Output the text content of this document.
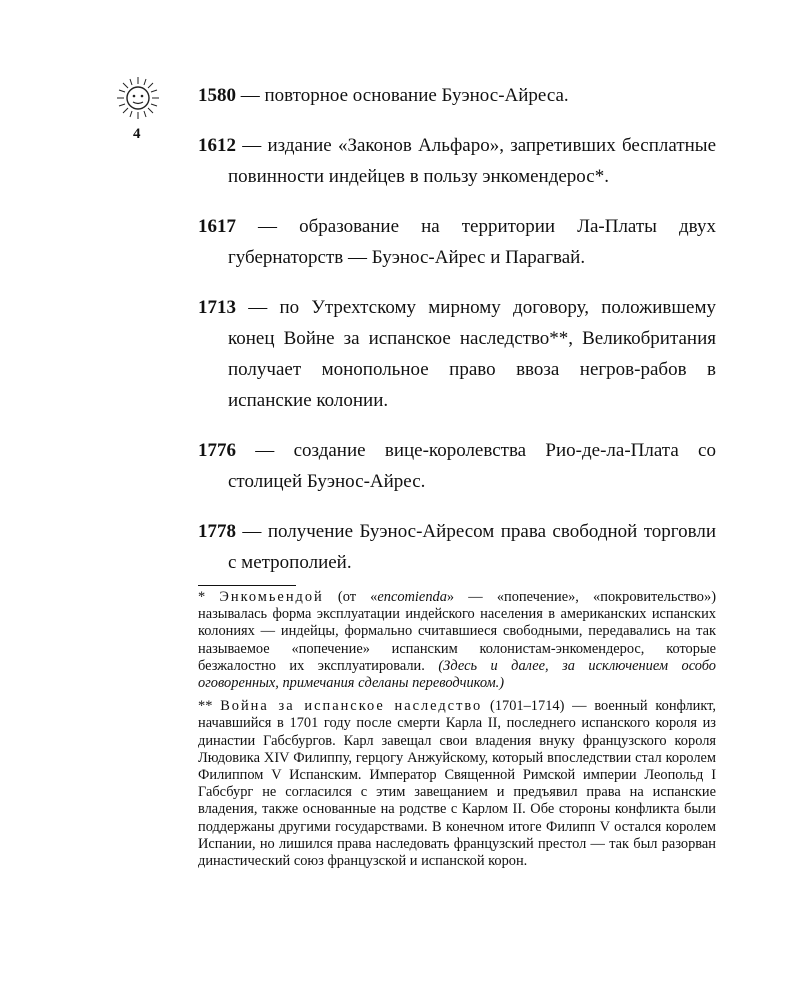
4

1580 — повторное основание Буэнос-Айреса.

1612 — издание «Законов Альфаро», запретивших бесплатные повинности индейцев в пользу энкомендерос*.

1617 — образование на территории Ла-Платы двух губернаторств — Буэнос-Айрес и Парагвай.

1713 — по Утрехтскому мирному договору, положившему конец Войне за испанское наследство**, Великобритания получает монопольное право ввоза негров-рабов в испанские колонии.

1776 — создание вице-королевства Рио-де-ла-Плата со столицей Буэнос-Айрес.

1778 — получение Буэнос-Айресом права свободной торговли с метрополией.

* Энкомьендой (от «encomienda» — «попечение», «покровительство») называлась форма эксплуатации индейского населения в американских испанских колониях — индейцы, формально считавшиеся свободными, передавались на так называемое «попечение» испанским колонистам-энкомендерос, которые безжалостно их эксплуатировали. (Здесь и далее, за исключением особо оговоренных, примечания сделаны переводчиком.)

** Война за испанское наследство (1701–1714) — военный конфликт, начавшийся в 1701 году после смерти Карла II, последнего испанского короля из династии Габсбургов. Карл завещал свои владения внуку французского короля Людовика XIV Филиппу, герцогу Анжуйскому, который впоследствии стал королем Филиппом V Испанским. Император Священной Римской империи Леопольд I Габсбург не согласился с этим завещанием и предъявил права на испанские владения, также основанные на родстве с Карлом II. Обе стороны конфликта были поддержаны другими государствами. В конечном итоге Филипп V остался королем Испании, но лишился права наследовать французский престол — так был разорван династический союз французской и испанской корон.
